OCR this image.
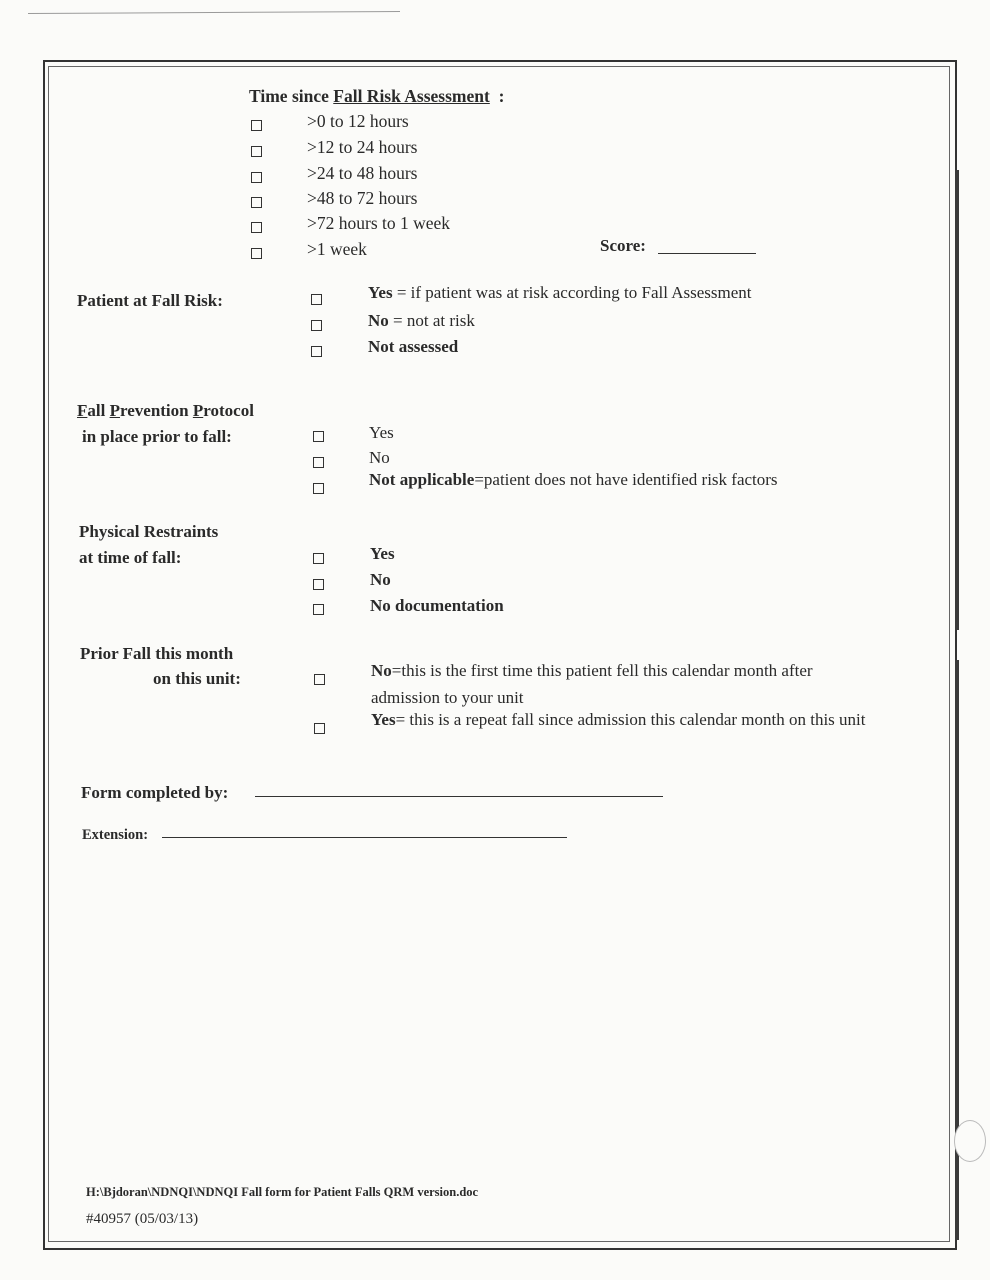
Time since Fall Risk Assessment :
>0 to 12 hours
>12 to 24 hours
>24 to 48 hours
>48 to 72 hours
>72 hours to 1 week
>1 week	Score:
Patient at Fall Risk:	Yes = if patient was at risk according to Fall Assessment
No = not at risk
Not assessed
Fall Prevention Protocol
in place prior to fall:	Yes
No
Not applicable=patient does not have identified risk factors
Physical Restraints
at time of fall:	Yes
No
No documentation
Prior Fall this month
on this unit:	No=this is the first time this patient fell this calendar month after
admission to your unit
Yes= this is a repeat fall since admission this calendar month on this unit
Form completed by:
Extension:
H:\Bjdoran\NDNQI\NDNQI Fall form for Patient Falls QRM version.doc
#40957 (05/03/13)
